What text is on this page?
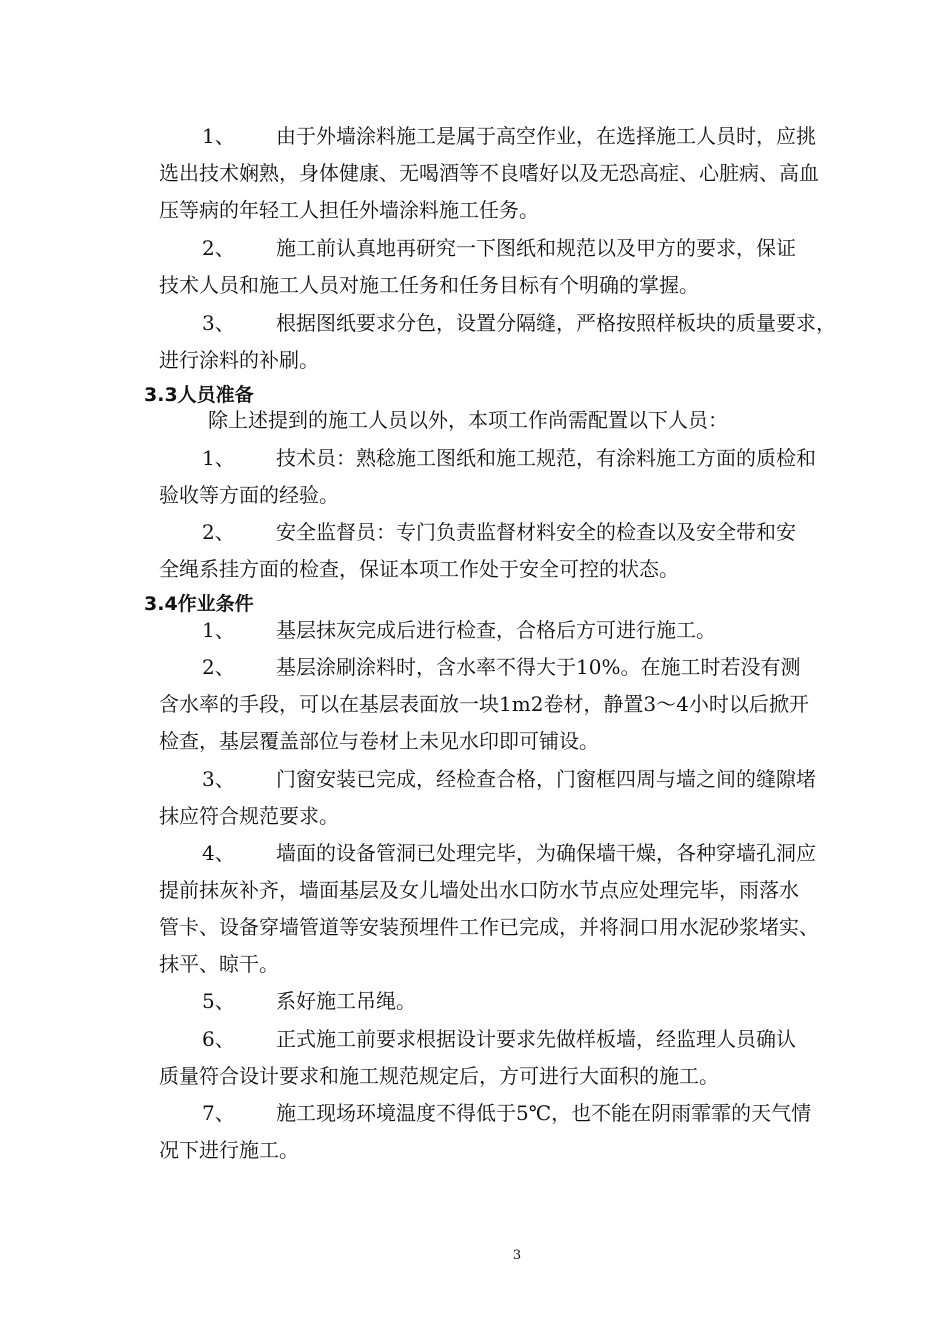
1、 由于外墙涂料施工是属于高空作业，在选择施工人员时，应挑
选出技术娴熟，身体健康、无喝酒等不良嗜好以及无恐高症、心脏病、高血
压等病的年轻工人担任外墙涂料施工任务。
2、 施工前认真地再研究一下图纸和规范以及甲方的要求，保证
技术人员和施工人员对施工任务和任务目标有个明确的掌握。
3、 根据图纸要求分色，设置分隔缝，严格按照样板块的质量要求，
进行涂料的补刷。
3.3人员准备
除上述提到的施工人员以外，本项工作尚需配置以下人员：
1、 技术员：熟稔施工图纸和施工规范，有涂料施工方面的质检和
验收等方面的经验。
2、 安全监督员：专门负责监督材料安全的检查以及安全带和安
全绳系挂方面的检查，保证本项工作处于安全可控的状态。
3.4作业条件
1、 基层抹灰完成后进行检查，合格后方可进行施工。
2、 基层涂刷涂料时，含水率不得大于10%。在施工时若没有测
含水率的手段，可以在基层表面放一块1m2卷材，静置3～4小时以后掀开
检查，基层覆盖部位与卷材上未见水印即可铺设。
3、 门窗安装已完成，经检查合格，门窗框四周与墙之间的缝隙堵
抹应符合规范要求。
4、 墙面的设备管洞已处理完毕，为确保墙干燥，各种穿墙孔洞应
提前抹灰补齐，墙面基层及女儿墙处出水口防水节点应处理完毕，雨落水
管卡、设备穿墙管道等安装预埋件工作已完成，并将洞口用水泥砂浆堵实、
抹平、晾干。
5、 系好施工吊绳。
6、 正式施工前要求根据设计要求先做样板墙，经监理人员确认
质量符合设计要求和施工规范规定后，方可进行大面积的施工。
7、 施工现场环境温度不得低于5℃，也不能在阴雨霏霏的天气情
况下进行施工。
3
